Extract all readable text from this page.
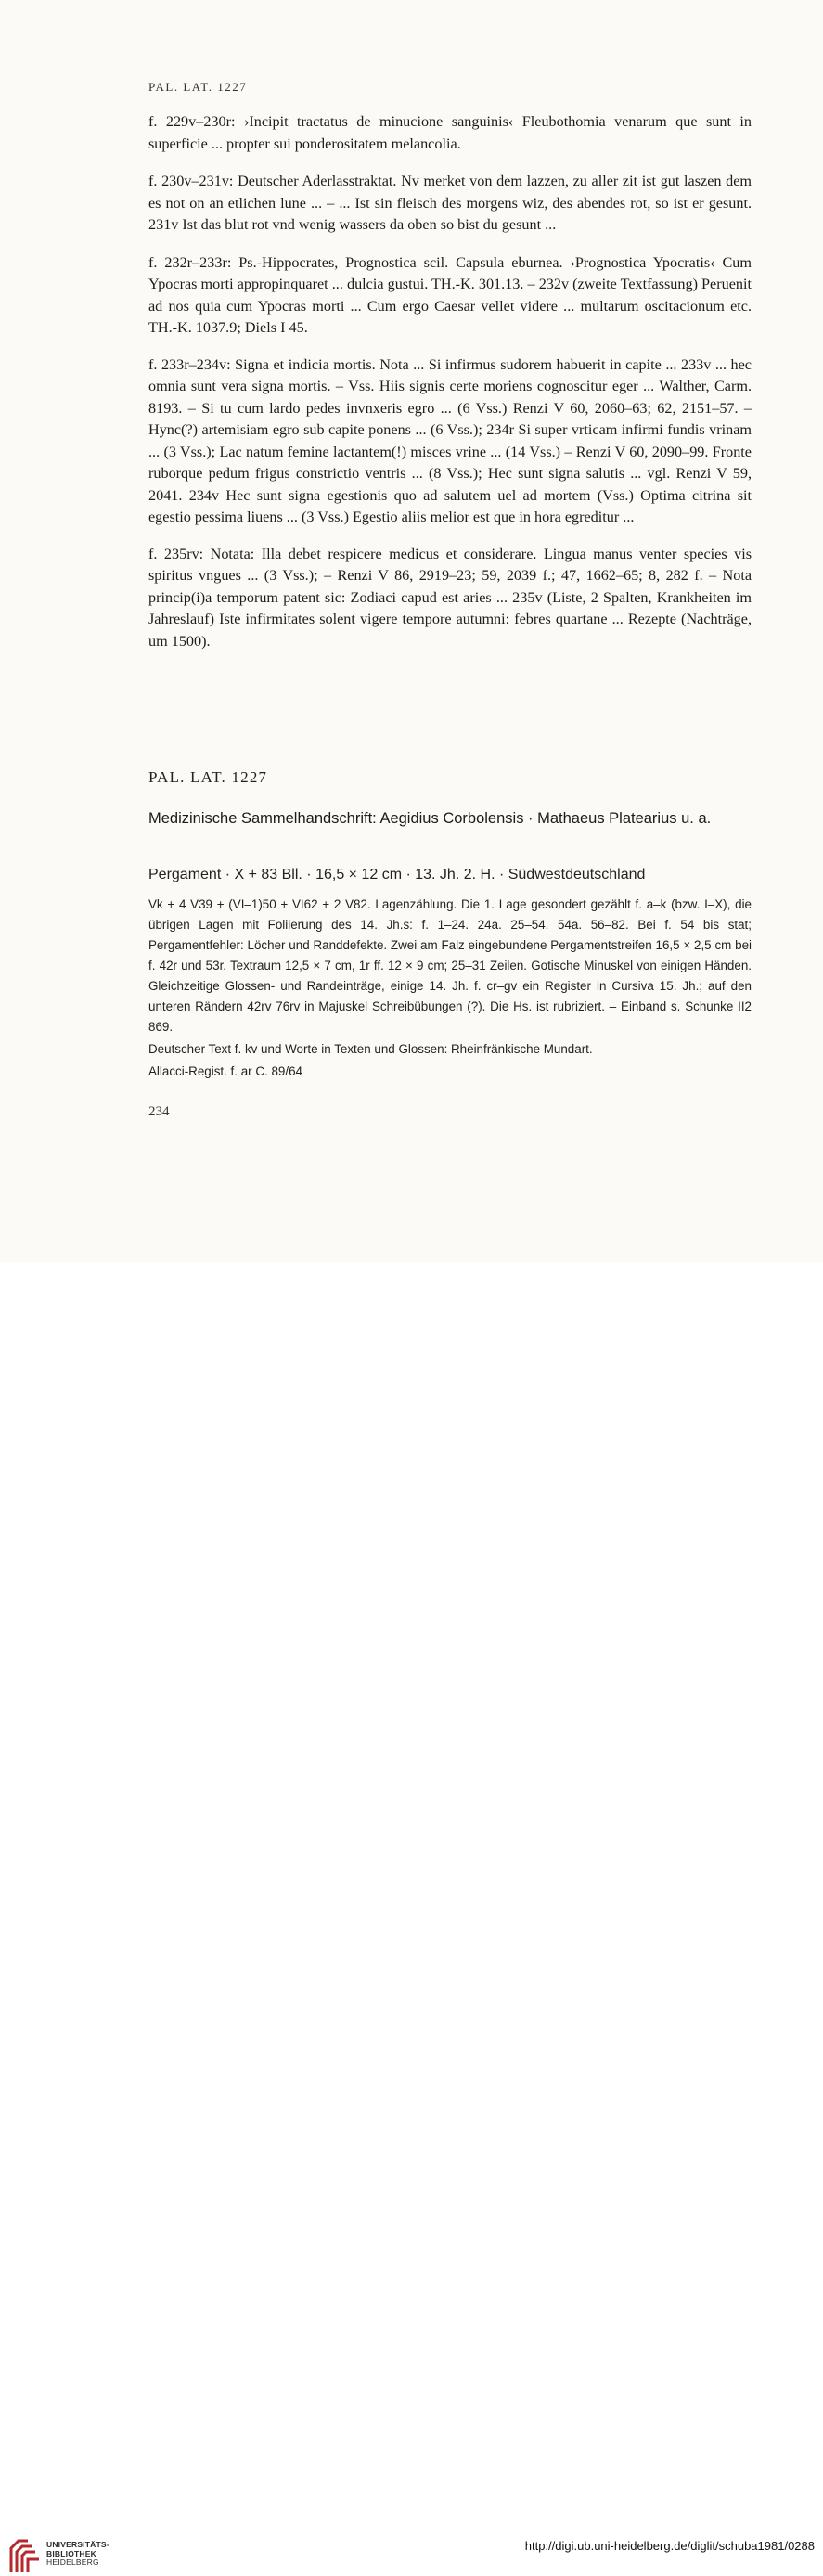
PAL. LAT. 1227

f. 229v–230r: ›Incipit tractatus de minucione sanguinis‹ Fleubothomia venarum que sunt in superficie ... propter sui ponderositatem melancolia.

f. 230v–231v: Deutscher Aderlasstraktat. Nv merket von dem lazzen, zu aller zit ist gut laszen dem es not on an etlichen lune ... – ... Ist sin fleisch des morgens wiz, des abendes rot, so ist er gesunt. 231v Ist das blut rot vnd wenig wassers da oben so bist du gesunt ...

f. 232r–233r: Ps.-Hippocrates, Prognostica scil. Capsula eburnea. ›Prognostica Ypocratis‹ Cum Ypocras morti appropinquaret ... dulcia gustui. TH.-K. 301.13. – 232v (zweite Textfassung) Peruenit ad nos quia cum Ypocras morti ... Cum ergo Caesar vellet videre ... multarum oscitacionum etc. TH.-K. 1037.9; Diels I 45.

f. 233r–234v: Signa et indicia mortis. Nota ... Si infirmus sudorem habuerit in capite ... 233v ... hec omnia sunt vera signa mortis. – Vss. Hiis signis certe moriens cognoscitur eger ... Walther, Carm. 8193. – Si tu cum lardo pedes invnxeris egro ... (6 Vss.) Renzi V 60, 2060–63; 62, 2151–57. – Hync(?) artemisiam egro sub capite ponens ... (6 Vss.); 234r Si super vrticam infirmi fundis vrinam ... (3 Vss.); Lac natum femine lactantem(!) misces vrine ... (14 Vss.) – Renzi V 60, 2090–99. Fronte ruborque pedum frigus constrictio ventris ... (8 Vss.); Hec sunt signa salutis ... vgl. Renzi V 59, 2041. 234v Hec sunt signa egestionis quo ad salutem uel ad mortem (Vss.) Optima citrina sit egestio pessima liuens ... (3 Vss.) Egestio aliis melior est que in hora egreditur ...

f. 235rv: Notata: Illa debet respicere medicus et considerare. Lingua manus venter species vis spiritus vngues ... (3 Vss.); – Renzi V 86, 2919–23; 59, 2039 f.; 47, 1662–65; 8, 282 f. – Nota princip(i)a temporum patent sic: Zodiaci capud est aries ... 235v (Liste, 2 Spalten, Krankheiten im Jahreslauf) Iste infirmitates solent vigere tempore autumni: febres quartane ... Rezepte (Nachträge, um 1500).

PAL. LAT. 1227
Medizinische Sammelhandschrift: Aegidius Corbolensis · Mathaeus Platearius u. a.
Pergament · X + 83 Bll. · 16,5 × 12 cm · 13. Jh. 2. H. · Südwestdeutschland

Vk + 4 V39 + (VI–1)50 + VI62 + 2 V82. Lagenzählung. Die 1. Lage gesondert gezählt f. a–k (bzw. I–X), die übrigen Lagen mit Foliierung des 14. Jh.s: f. 1–24. 24a. 25–54. 54a. 56–82. Bei f. 54 bis stat; Pergamentfehler: Löcher und Randdefekte. Zwei am Falz eingebundene Pergamentstreifen 16,5 × 2,5 cm bei f. 42r und 53r. Textraum 12,5 × 7 cm, 1r ff. 12 × 9 cm; 25–31 Zeilen. Gotische Minuskel von einigen Händen. Gleichzeitige Glossen- und Randeinträge, einige 14. Jh. f. cr–gv ein Register in Cursiva 15. Jh.; auf den unteren Rändern 42rv 76rv in Majuskel Schreibübungen (?). Die Hs. ist rubriziert. – Einband s. Schunke II2 869.

Deutscher Text f. kv und Worte in Texten und Glossen: Rheinfränkische Mundart.

Allacci-Regist. f. ar C. 89/64

234
UNIVERSITÄTS-
BIBLIOTHEK
HEIDELBERG
http://digi.ub.uni-heidelberg.de/diglit/schuba1981/0288
